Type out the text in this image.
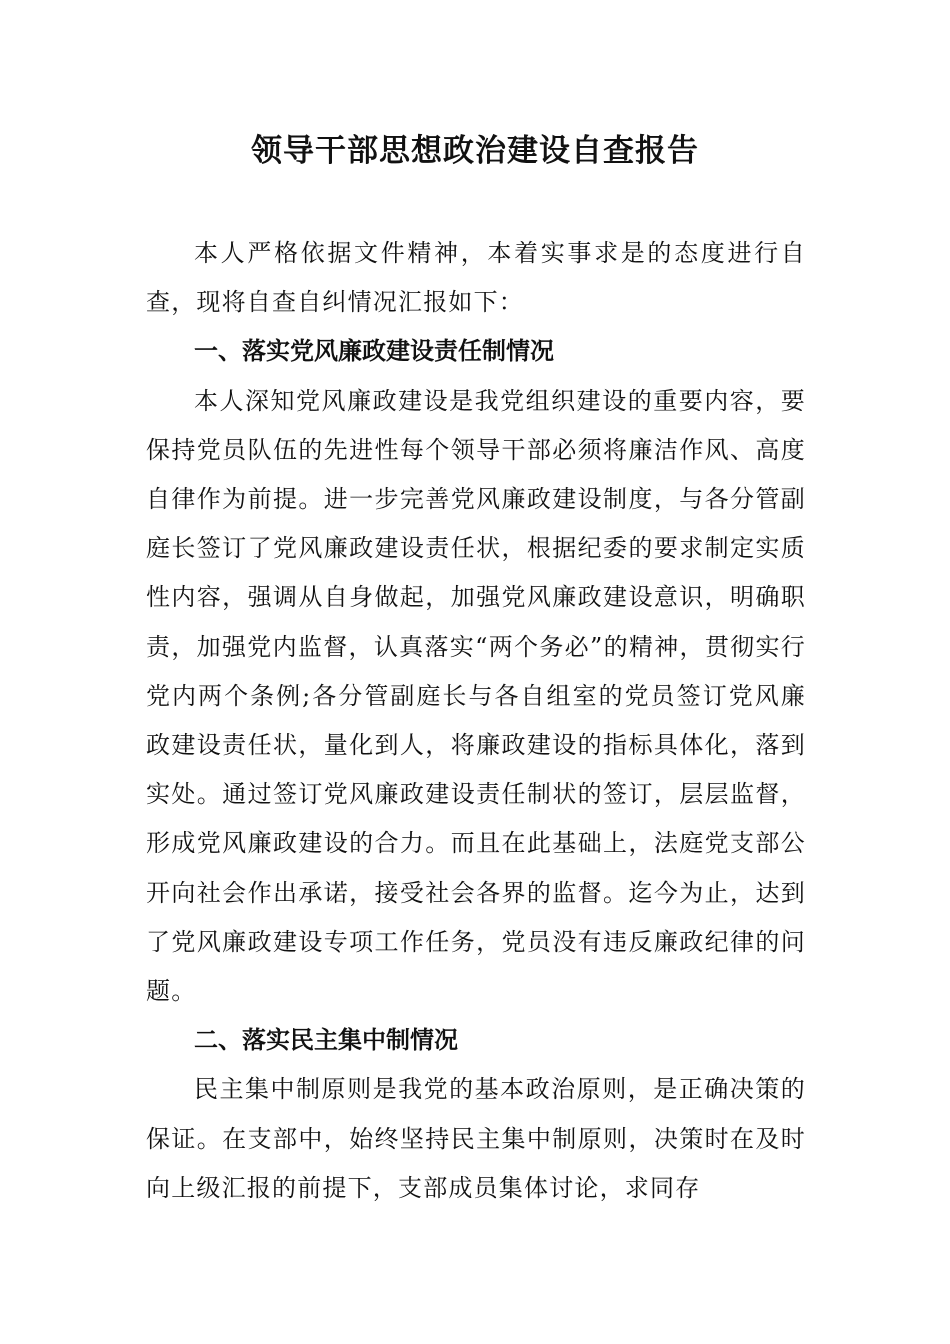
领导干部思想政治建设自查报告

本人严格依据文件精神，本着实事求是的态度进行自查，现将自查自纠情况汇报如下：

一、落实党风廉政建设责任制情况

本人深知党风廉政建设是我党组织建设的重要内容，要保持党员队伍的先进性每个领导干部必须将廉洁作风、高度自律作为前提。进一步完善党风廉政建设制度，与各分管副庭长签订了党风廉政建设责任状，根据纪委的要求制定实质性内容，强调从自身做起，加强党风廉政建设意识，明确职责，加强党内监督，认真落实“两个务必”的精神，贯彻实行党内两个条例;各分管副庭长与各自组室的党员签订党风廉政建设责任状，量化到人，将廉政建设的指标具体化，落到实处。通过签订党风廉政建设责任制状的签订，层层监督，形成党风廉政建设的合力。而且在此基础上，法庭党支部公开向社会作出承诺，接受社会各界的监督。迄今为止，达到了党风廉政建设专项工作任务，党员没有违反廉政纪律的问题。

二、落实民主集中制情况

民主集中制原则是我党的基本政治原则，是正确决策的保证。在支部中，始终坚持民主集中制原则，决策时在及时向上级汇报的前提下，支部成员集体讨论，求同存
